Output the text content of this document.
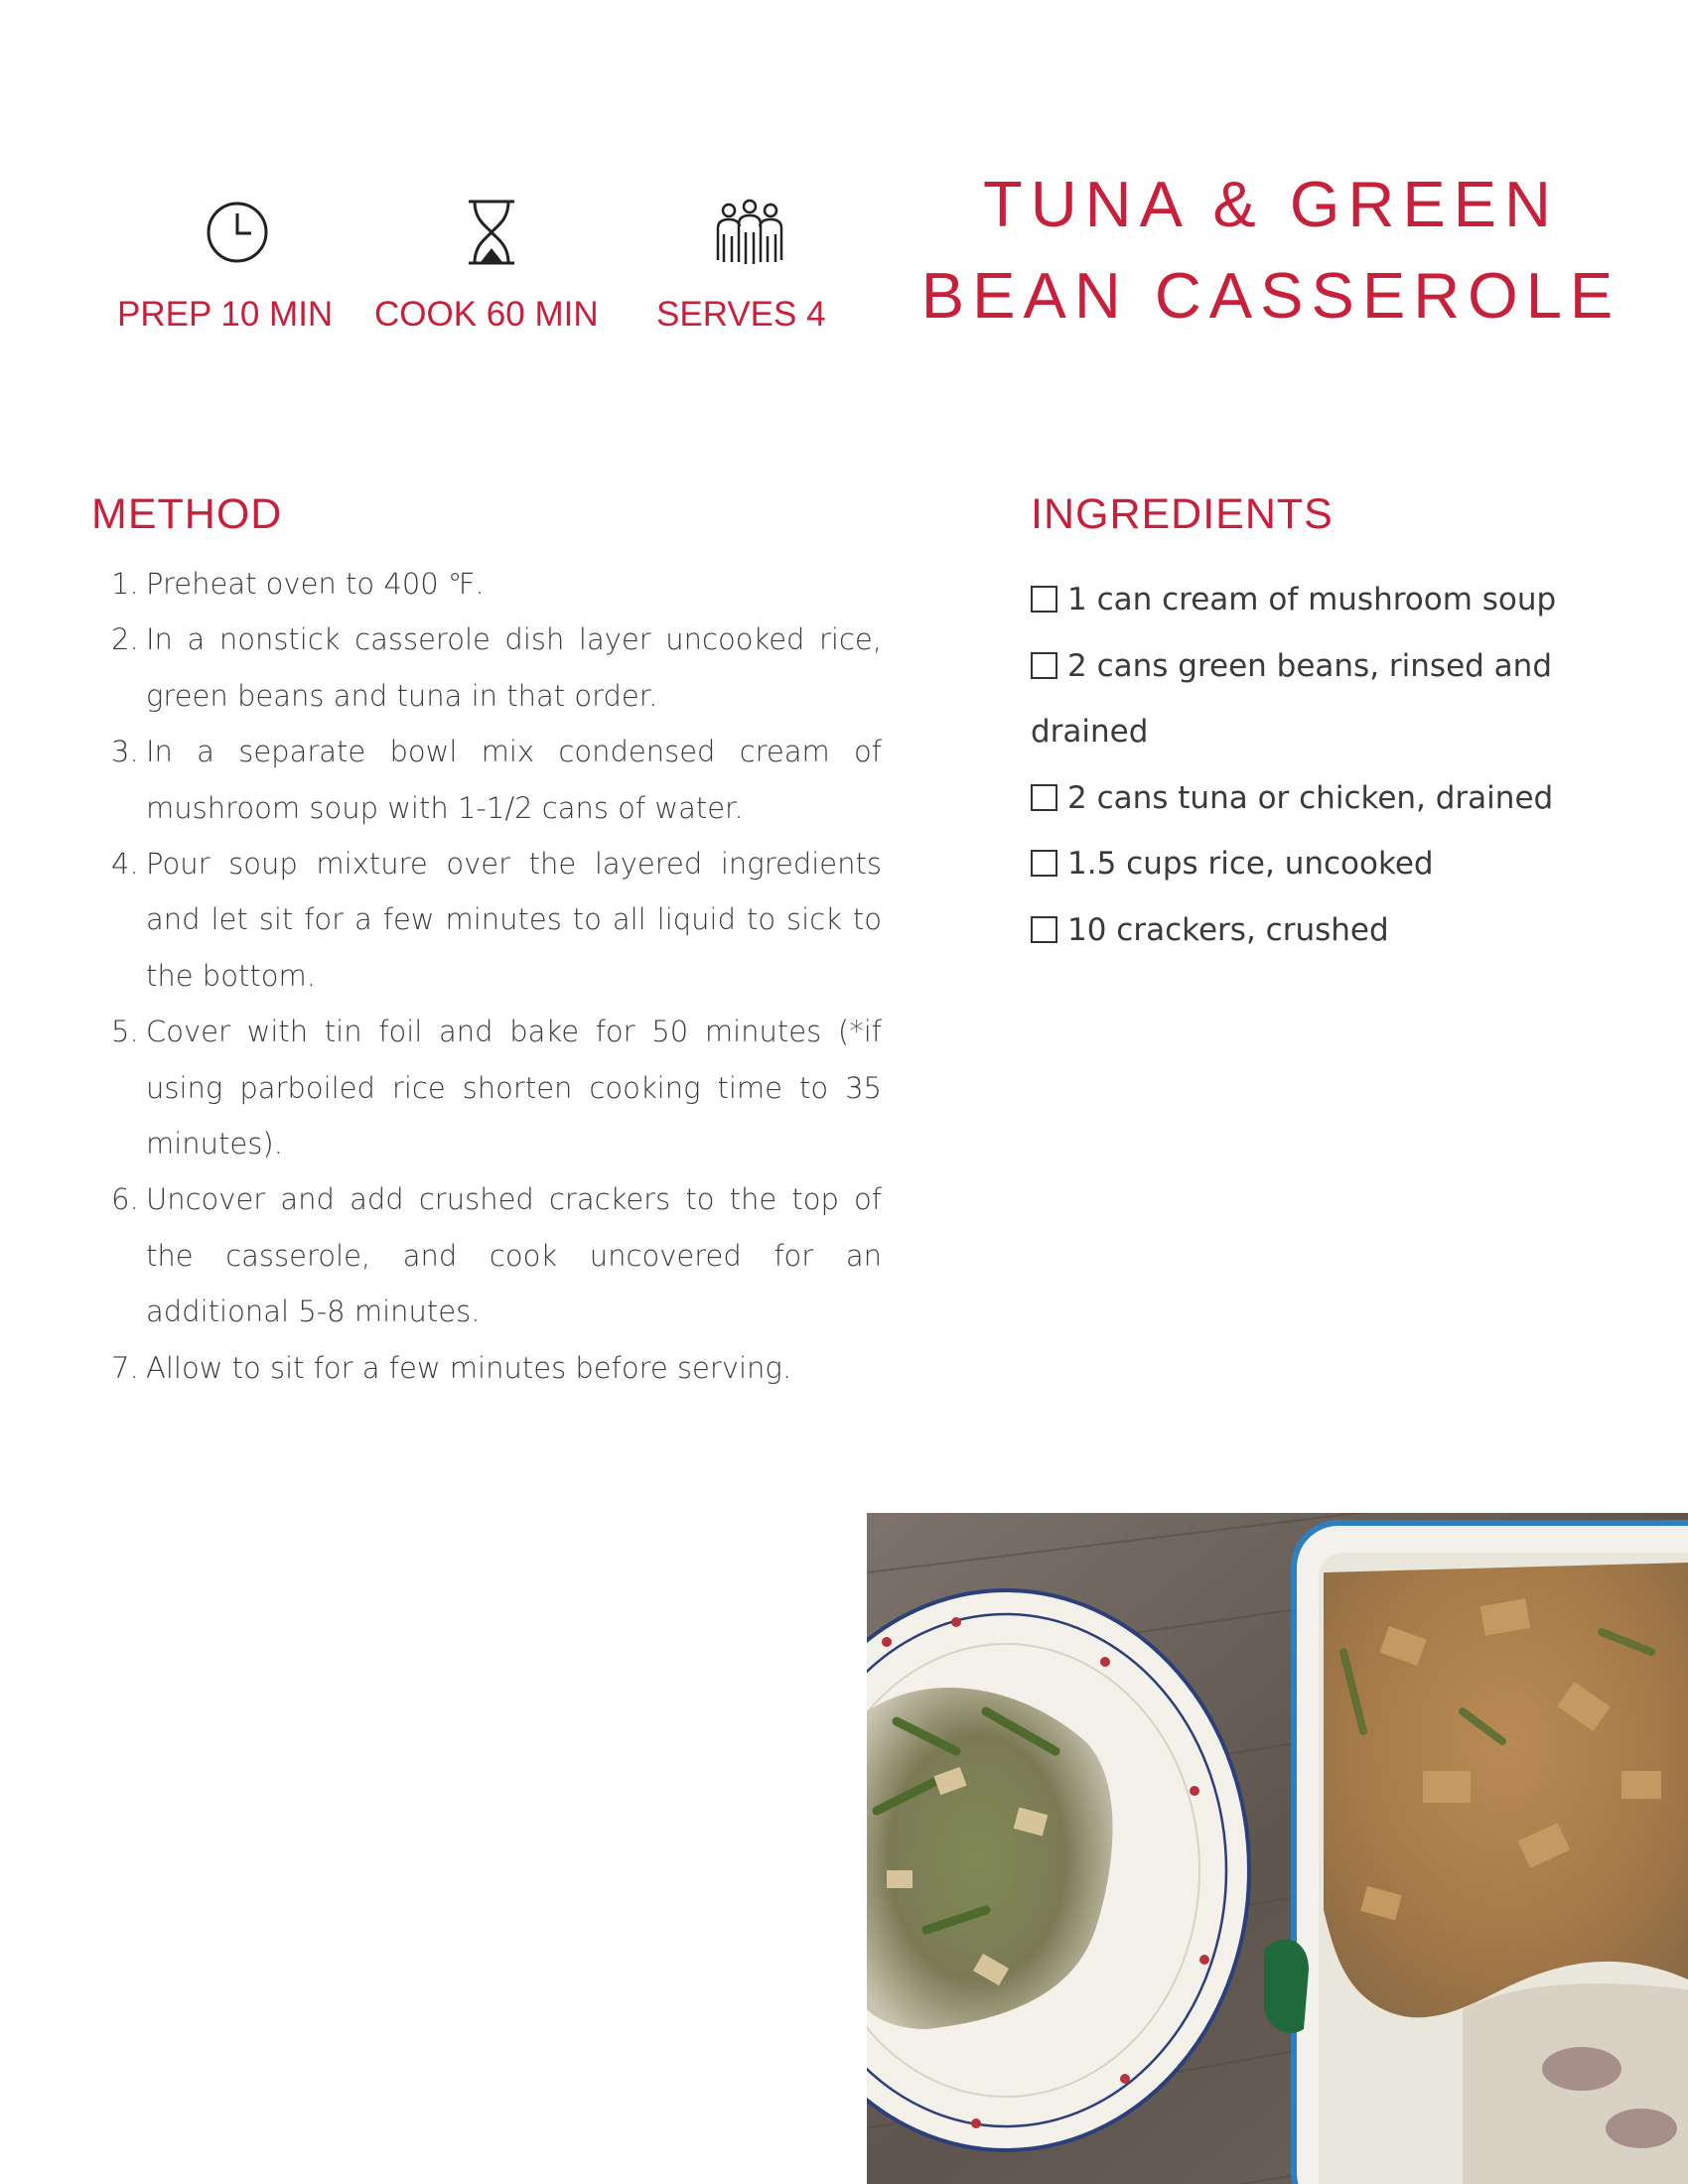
PREP 10 MIN COOK 60 MIN SERVES 4
TUNA & GREEN
BEAN CASSEROLE
METHOD
1. Preheat oven to 400 ℉.
2. In a nonstick casserole dish layer uncooked rice, green beans and tuna in that order.
3. In a separate bowl mix condensed cream of mushroom soup with 1-1/2 cans of water.
4. Pour soup mixture over the layered ingredients and let sit for a few minutes to all liquid to sick to the bottom.
5. Cover with tin foil and bake for 50 minutes (*if using parboiled rice shorten cooking time to 35 minutes).
6. Uncover and add crushed crackers to the top of the casserole, and cook uncovered for an additional 5-8 minutes.
7. Allow to sit for a few minutes before serving.
INGREDIENTS
1 can cream of mushroom soup
2 cans green beans, rinsed and drained
2 cans tuna or chicken, drained
1.5 cups rice, uncooked
10 crackers, crushed
